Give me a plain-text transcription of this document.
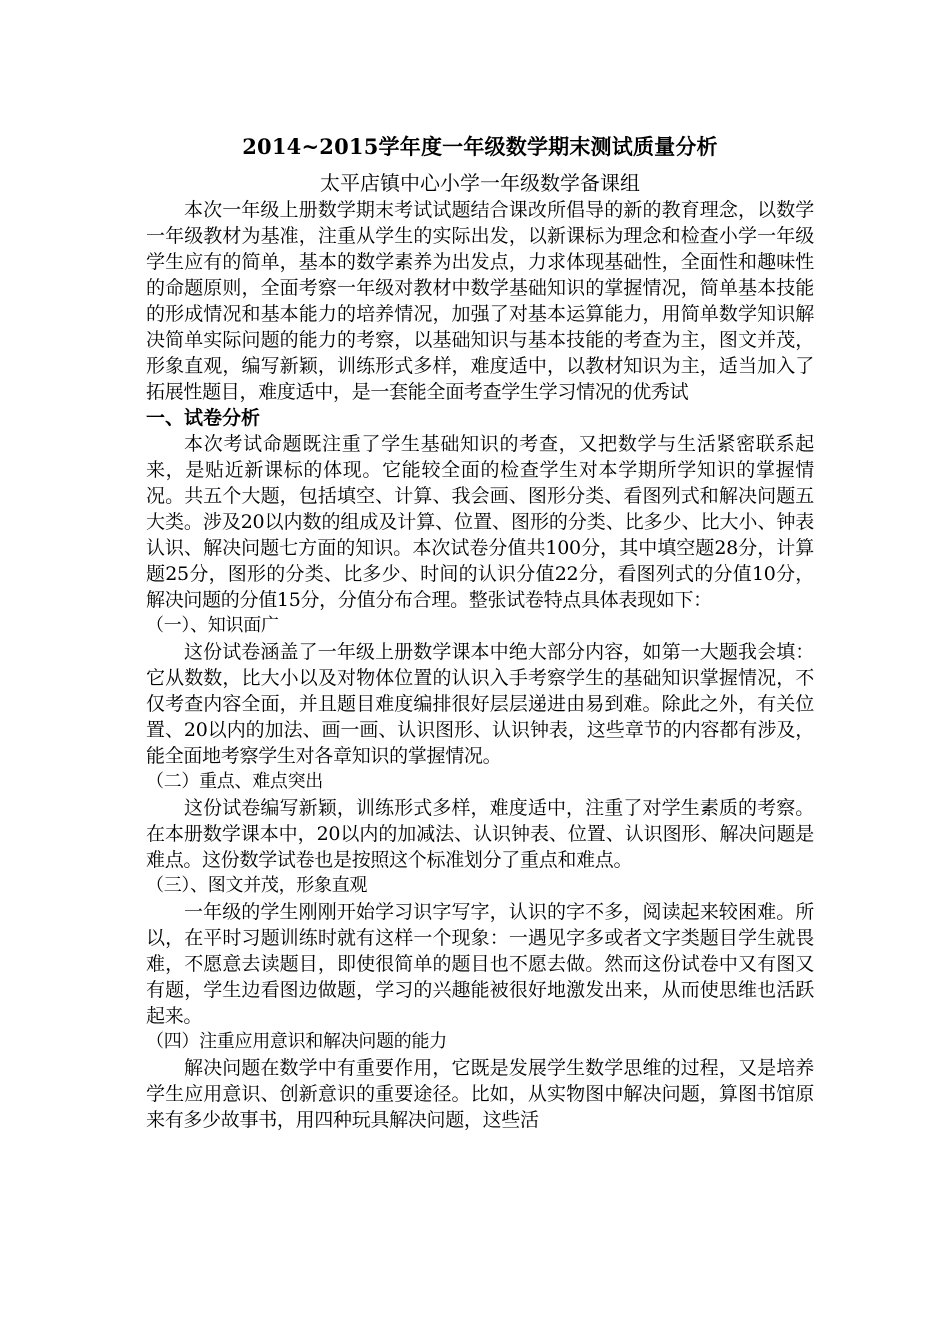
2014~2015学年度一年级数学期末测试质量分析
太平店镇中心小学一年级数学备课组

本次一年级上册数学期末考试试题结合课改所倡导的新的教育理念，以数学一年级教材为基准，注重从学生的实际出发，以新课标为理念和检查小学一年级学生应有的简单，基本的数学素养为出发点，力求体现基础性，全面性和趣味性的命题原则，全面考察一年级对教材中数学基础知识的掌握情况，简单基本技能的形成情况和基本能力的培养情况，加强了对基本运算能力，用简单数学知识解决简单实际问题的能力的考察，以基础知识与基本技能的考查为主，图文并茂，形象直观，编写新颖，训练形式多样，难度适中，以教材知识为主，适当加入了拓展性题目，难度适中，是一套能全面考查学生学习情况的优秀试

一、试卷分析

本次考试命题既注重了学生基础知识的考查，又把数学与生活紧密联系起来，是贴近新课标的体现。它能较全面的检查学生对本学期所学知识的掌握情况。共五个大题，包括填空、计算、我会画、图形分类、看图列式和解决问题五大类。涉及20以内数的组成及计算、位置、图形的分类、比多少、比大小、钟表认识、解决问题七方面的知识。本次试卷分值共100分，其中填空题28分，计算题25分，图形的分类、比多少、时间的认识分值22分，看图列式的分值10分，解决问题的分值15分，分值分布合理。整张试卷特点具体表现如下：

（一）、知识面广

这份试卷涵盖了一年级上册数学课本中绝大部分内容，如第一大题我会填：它从数数，比大小以及对物体位置的认识入手考察学生的基础知识掌握情况，不仅考查内容全面，并且题目难度编排很好层层递进由易到难。除此之外，有关位置、20以内的加法、画一画、认识图形、认识钟表，这些章节的内容都有涉及，能全面地考察学生对各章知识的掌握情况。

（二）重点、难点突出

这份试卷编写新颖，训练形式多样，难度适中，注重了对学生素质的考察。在本册数学课本中，20以内的加减法、认识钟表、位置、认识图形、解决问题是难点。这份数学试卷也是按照这个标准划分了重点和难点。

（三）、图文并茂，形象直观

一年级的学生刚刚开始学习识字写字，认识的字不多，阅读起来较困难。所以，在平时习题训练时就有这样一个现象：一遇见字多或者文字类题目学生就畏难，不愿意去读题目，即使很简单的题目也不愿去做。然而这份试卷中又有图又有题，学生边看图边做题，学习的兴趣能被很好地激发出来，从而使思维也活跃起来。

（四）注重应用意识和解决问题的能力

解决问题在数学中有重要作用，它既是发展学生数学思维的过程，又是培养学生应用意识、创新意识的重要途径。比如，从实物图中解决问题，算图书馆原来有多少故事书，用四种玩具解决问题，这些活
